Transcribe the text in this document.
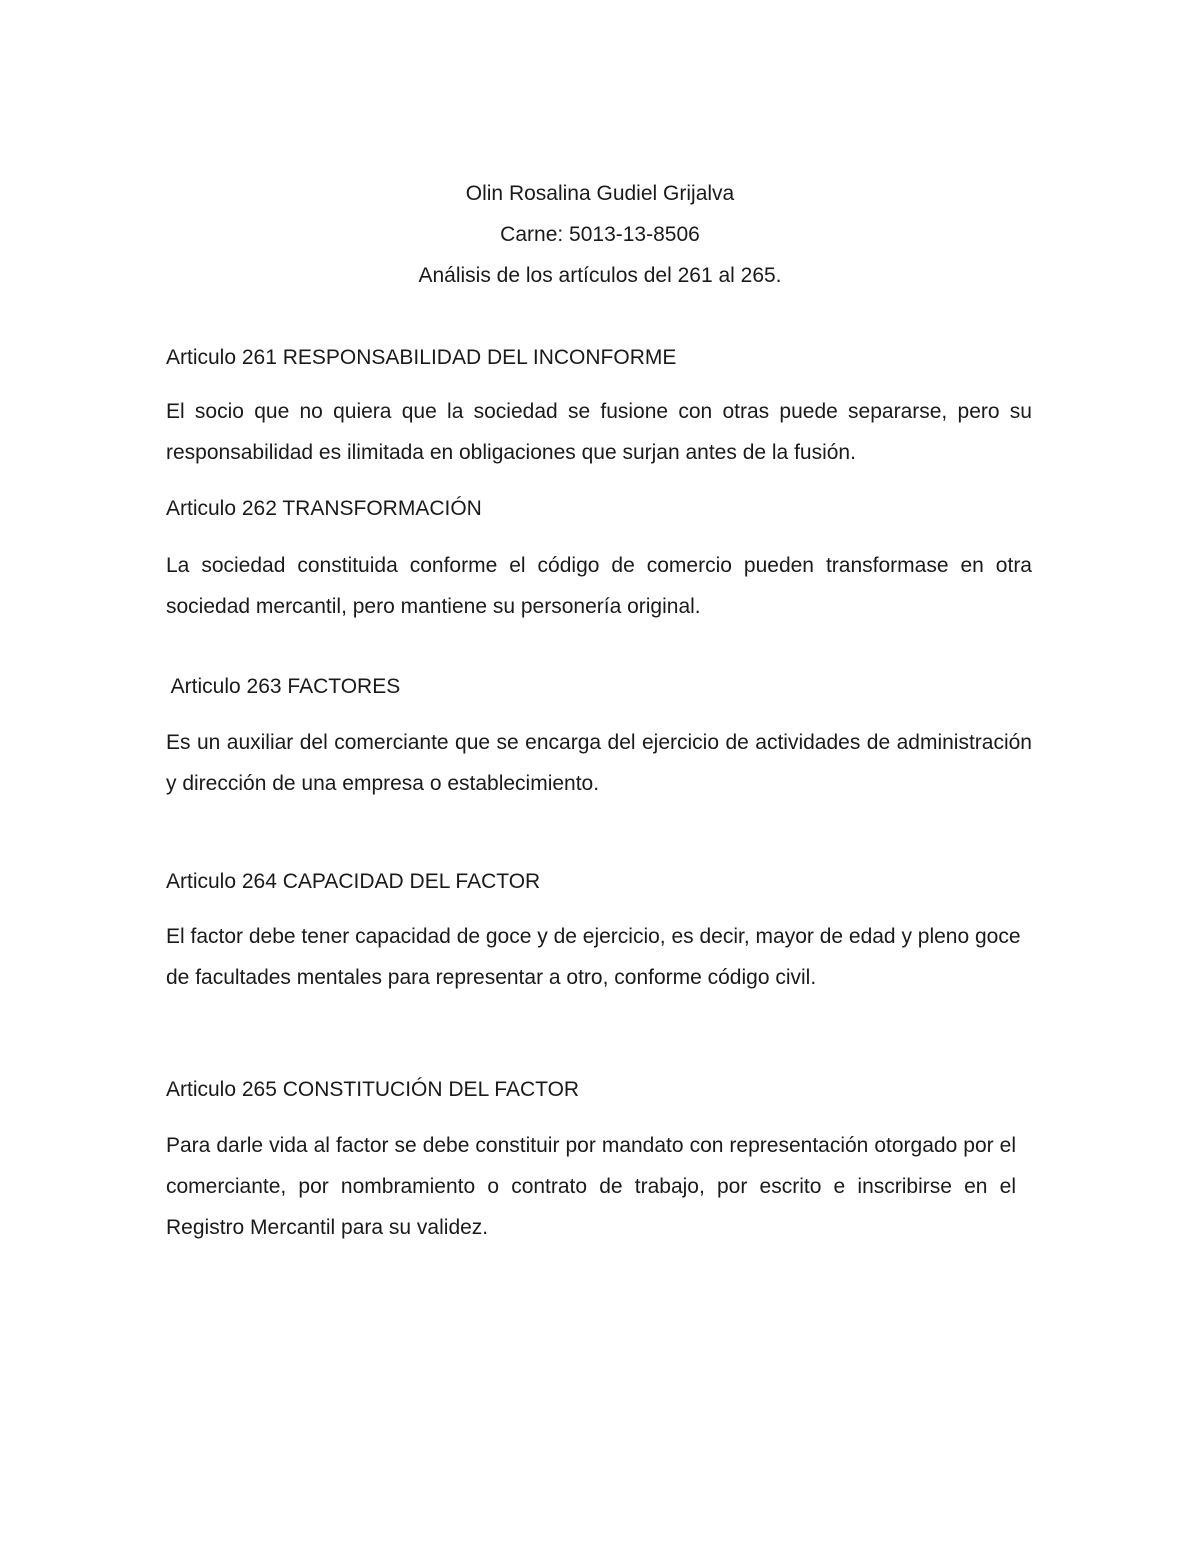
Olin Rosalina Gudiel Grijalva
Carne: 5013-13-8506
Análisis de los artículos del 261 al 265.
Articulo 261 RESPONSABILIDAD DEL INCONFORME
El socio que no quiera que la sociedad se fusione con otras puede separarse, pero su responsabilidad es ilimitada en obligaciones que surjan antes de la fusión.
Articulo 262 TRANSFORMACIÓN
La sociedad constituida conforme el código de comercio pueden transformase en otra sociedad mercantil, pero mantiene su personería original.
Articulo 263 FACTORES
Es un auxiliar del comerciante que se encarga del ejercicio de actividades de administración y dirección de una empresa o establecimiento.
Articulo 264 CAPACIDAD DEL FACTOR
El factor debe tener capacidad de goce y de ejercicio, es decir, mayor de edad y pleno goce de facultades mentales para representar a otro, conforme código civil.
Articulo 265 CONSTITUCIÓN DEL FACTOR
Para darle vida al factor se debe constituir por mandato con representación otorgado por el comerciante, por nombramiento o contrato de trabajo, por escrito e inscribirse en el Registro Mercantil para su validez.
